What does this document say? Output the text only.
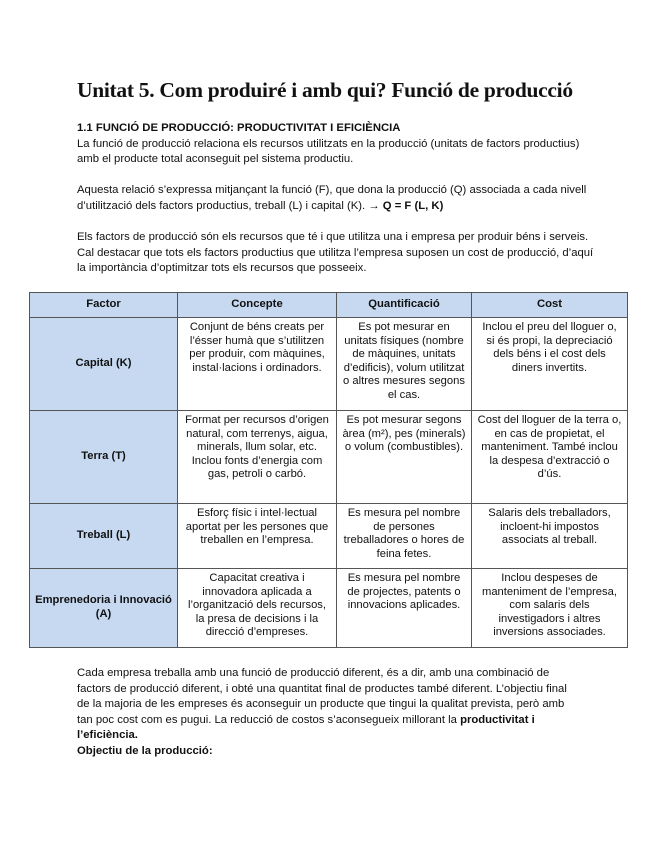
Unitat 5. Com produiré i amb qui? Funció de producció
1.1 FUNCIÓ DE PRODUCCIÓ: PRODUCTIVITAT I EFICIÈNCIA
La funció de producció relaciona els recursos utilitzats en la producció (unitats de factors productius) amb el producte total aconseguit pel sistema productiu.
Aquesta relació s’expressa mitjançant la funció (F), que dona la producció (Q) associada a cada nivell d’utilització dels factors productius, treball (L) i capital (K). → Q = F (L, K)
Els factors de producció són els recursos que té i que utilitza una i empresa per produir béns i serveis. Cal destacar que tots els factors productius que utilitza l’empresa suposen un cost de producció, d’aquí la importància d’optimitzar tots els recursos que posseeix.
Factor	Concepte	Quantificació	Cost
Capital (K)	Conjunt de béns creats per l’ésser humà que s’utilitzen per produir, com màquines, instal·lacions i ordinadors.	Es pot mesurar en unitats físiques (nombre de màquines, unitats d’edificis), volum utilitzat o altres mesures segons el cas.	Inclou el preu del lloguer o, si és propi, la depreciació dels béns i el cost dels diners invertits.
Terra (T)	Format per recursos d’origen natural, com terrenys, aigua, minerals, llum solar, etc. Inclou fonts d’energia com gas, petroli o carbó.	Es pot mesurar segons àrea (m²), pes (minerals) o volum (combustibles).	Cost del lloguer de la terra o, en cas de propietat, el manteniment. També inclou la despesa d’extracció o d’ús.
Treball (L)	Esforç físic i intel·lectual aportat per les persones que treballen en l’empresa.	Es mesura pel nombre de persones treballadores o hores de feina fetes.	Salaris dels treballadors, incloent-hi impostos associats al treball.
Emprenedoria i Innovació (A)	Capacitat creativa i innovadora aplicada a l’organització dels recursos, la presa de decisions i la direcció d’empreses.	Es mesura pel nombre de projectes, patents o innovacions aplicades.	Inclou despeses de manteniment de l’empresa, com salaris dels investigadors i altres inversions associades.
Cada empresa treballa amb una funció de producció diferent, és a dir, amb una combinació de factors de producció diferent, i obté una quantitat final de productes també diferent. L’objectiu final de la majoria de les empreses és aconseguir un producte que tingui la qualitat prevista, però amb tan poc cost com es pugui. La reducció de costos s’aconsegueix millorant la productivitat i l’eficiència.
Objectiu de la producció:
